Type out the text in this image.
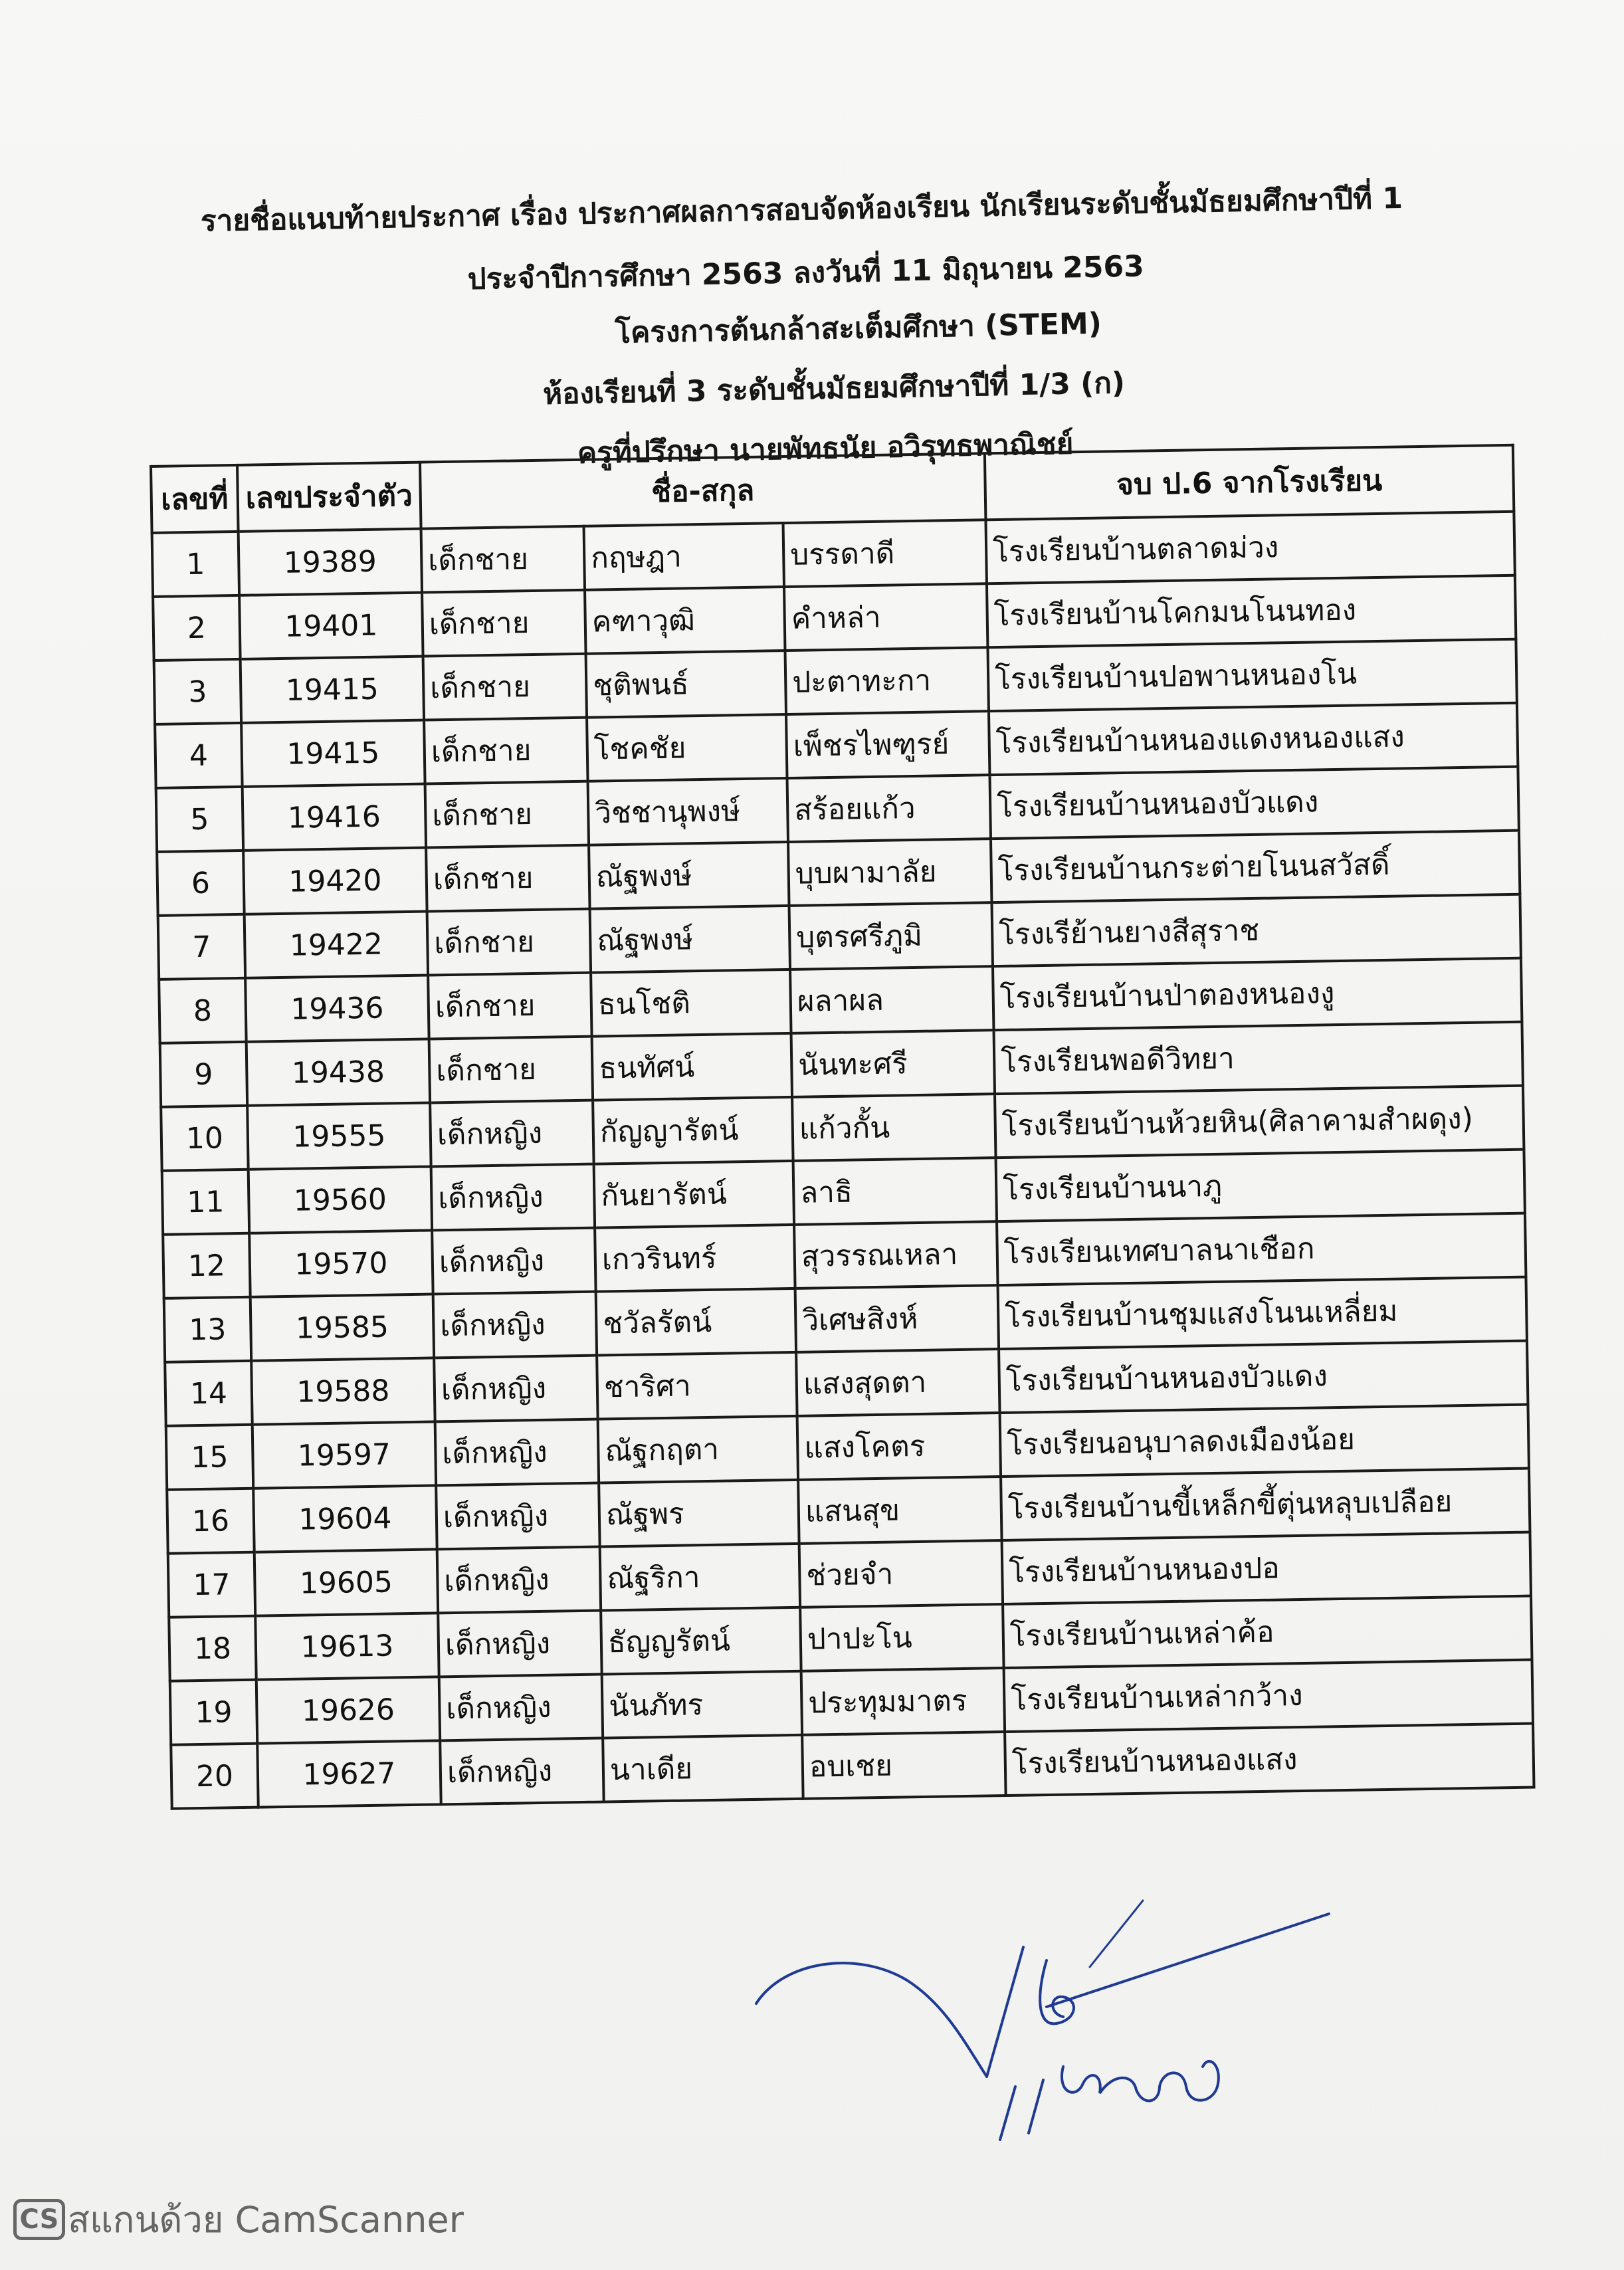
รายชื่อแนบท้ายประกาศ เรื่อง ประกาศผลการสอบจัดห้องเรียน นักเรียนระดับชั้นมัธยมศึกษาปีที่ 1
ประจำปีการศึกษา 2563 ลงวันที่ 11 มิถุนายน 2563
โครงการต้นกล้าสะเต็มศึกษา (STEM)
ห้องเรียนที่ 3 ระดับชั้นมัธยมศึกษาปีที่ 1/3 (ก)
ครูที่ปรึกษา นายพัทธนัย อวิรุทธพาณิชย์
เลขที่	เลขประจำตัว	ชื่อ-สกุล			จบ ป.6 จากโรงเรียน
1	19389	เด็กชาย	กฤษฎา	บรรดาดี	โรงเรียนบ้านตลาดม่วง
2	19401	เด็กชาย	คฑาวุฒิ	คำหล่า	โรงเรียนบ้านโคกมนโนนทอง
3	19415	เด็กชาย	ชุติพนธ์	ปะตาทะกา	โรงเรียนบ้านปอพานหนองโน
4	19415	เด็กชาย	โชคชัย	เพ็ชรไพฑูรย์	โรงเรียนบ้านหนองแดงหนองแสง
5	19416	เด็กชาย	วิชชานุพงษ์	สร้อยแก้ว	โรงเรียนบ้านหนองบัวแดง
6	19420	เด็กชาย	ณัฐพงษ์	บุบผามาลัย	โรงเรียนบ้านกระต่ายโนนสวัสดิ์
7	19422	เด็กชาย	ณัฐพงษ์	บุตรศรีภูมิ	โรงเรีย้านยางสีสุราช
8	19436	เด็กชาย	ธนโชติ	ผลาผล	โรงเรียนบ้านป่าตองหนองงู
9	19438	เด็กชาย	ธนทัศน์	นันทะศรี	โรงเรียนพอดีวิทยา
10	19555	เด็กหญิง	กัญญารัตน์	แก้วกั้น	โรงเรียนบ้านห้วยหิน(ศิลาคามสำผดุง)
11	19560	เด็กหญิง	กันยารัตน์	ลาธิ	โรงเรียนบ้านนาภู
12	19570	เด็กหญิง	เกวรินทร์	สุวรรณเหลา	โรงเรียนเทศบาลนาเชือก
13	19585	เด็กหญิง	ชวัลรัตน์	วิเศษสิงห์	โรงเรียนบ้านชุมแสงโนนเหลี่ยม
14	19588	เด็กหญิง	ชาริศา	แสงสุดตา	โรงเรียนบ้านหนองบัวแดง
15	19597	เด็กหญิง	ณัฐกฤตา	แสงโคตร	โรงเรียนอนุบาลดงเมืองน้อย
16	19604	เด็กหญิง	ณัฐพร	แสนสุข	โรงเรียนบ้านขี้เหล็กขี้ตุ่นหลุบเปลือย
17	19605	เด็กหญิง	ณัฐริกา	ช่วยจำ	โรงเรียนบ้านหนองปอ
18	19613	เด็กหญิง	ธัญญรัตน์	ปาปะโน	โรงเรียนบ้านเหล่าค้อ
19	19626	เด็กหญิง	นันภัทร	ประทุมมาตร	โรงเรียนบ้านเหล่ากว้าง
20	19627	เด็กหญิง	นาเดีย	อบเชย	โรงเรียนบ้านหนองแสง
CS สแกนด้วย CamScanner
